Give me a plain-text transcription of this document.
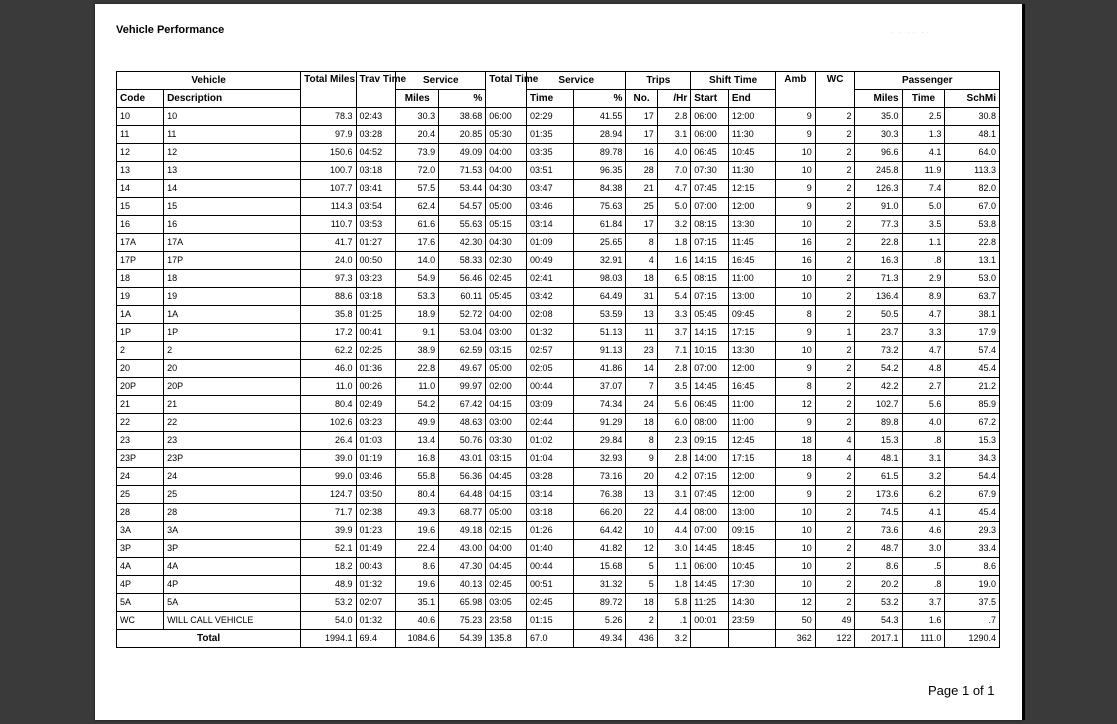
Vehicle Performance	· · ·· ··
Vehicle		Total Miles	Trav Time	Service		Total Time	Service		Trips		Shift Time		Amb	WC	Passenger		
Code	Description			Miles	%		Time	%	No.	/Hr	Start	End			Miles	Time	SchMi
10	10	78.3	02:43	30.3	38.68	06:00	02:29	41.55	17	2.8	06:00	12:00	9	2	35.0	2.5	30.8
11	11	97.9	03:28	20.4	20.85	05:30	01:35	28.94	17	3.1	06:00	11:30	9	2	30.3	1.3	48.1
12	12	150.6	04:52	73.9	49.09	04:00	03:35	89.78	16	4.0	06:45	10:45	10	2	96.6	4.1	64.0
13	13	100.7	03:18	72.0	71.53	04:00	03:51	96.35	28	7.0	07:30	11:30	10	2	245.8	11.9	113.3
14	14	107.7	03:41	57.5	53.44	04:30	03:47	84.38	21	4.7	07:45	12:15	9	2	126.3	7.4	82.0
15	15	114.3	03:54	62.4	54.57	05:00	03:46	75.63	25	5.0	07:00	12:00	9	2	91.0	5.0	67.0
16	16	110.7	03:53	61.6	55.63	05:15	03:14	61.84	17	3.2	08:15	13:30	10	2	77.3	3.5	53.8
17A	17A	41.7	01:27	17.6	42.30	04:30	01:09	25.65	8	1.8	07:15	11:45	16	2	22.8	1.1	22.8
17P	17P	24.0	00:50	14.0	58.33	02:30	00:49	32.91	4	1.6	14:15	16:45	16	2	16.3	.8	13.1
18	18	97.3	03:23	54.9	56.46	02:45	02:41	98.03	18	6.5	08:15	11:00	10	2	71.3	2.9	53.0
19	19	88.6	03:18	53.3	60.11	05:45	03:42	64.49	31	5.4	07:15	13:00	10	2	136.4	8.9	63.7
1A	1A	35.8	01:25	18.9	52.72	04:00	02:08	53.59	13	3.3	05:45	09:45	8	2	50.5	4.7	38.1
1P	1P	17.2	00:41	9.1	53.04	03:00	01:32	51.13	11	3.7	14:15	17:15	9	1	23.7	3.3	17.9
2	2	62.2	02:25	38.9	62.59	03:15	02:57	91.13	23	7.1	10:15	13:30	10	2	73.2	4.7	57.4
20	20	46.0	01:36	22.8	49.67	05:00	02:05	41.86	14	2.8	07:00	12:00	9	2	54.2	4.8	45.4
20P	20P	11.0	00:26	11.0	99.97	02:00	00:44	37.07	7	3.5	14:45	16:45	8	2	42.2	2.7	21.2
21	21	80.4	02:49	54.2	67.42	04:15	03:09	74.34	24	5.6	06:45	11:00	12	2	102.7	5.6	85.9
22	22	102.6	03:23	49.9	48.63	03:00	02:44	91.29	18	6.0	08:00	11:00	9	2	89.8	4.0	67.2
23	23	26.4	01:03	13.4	50.76	03:30	01:02	29.84	8	2.3	09:15	12:45	18	4	15.3	.8	15.3
23P	23P	39.0	01:19	16.8	43.01	03:15	01:04	32.93	9	2.8	14:00	17:15	18	4	48.1	3.1	34.3
24	24	99.0	03:46	55.8	56.36	04:45	03:28	73.16	20	4.2	07:15	12:00	9	2	61.5	3.2	54.4
25	25	124.7	03:50	80.4	64.48	04:15	03:14	76.38	13	3.1	07:45	12:00	9	2	173.6	6.2	67.9
28	28	71.7	02:38	49.3	68.77	05:00	03:18	66.20	22	4.4	08:00	13:00	10	2	74.5	4.1	45.4
3A	3A	39.9	01:23	19.6	49.18	02:15	01:26	64.42	10	4.4	07:00	09:15	10	2	73.6	4.6	29.3
3P	3P	52.1	01:49	22.4	43.00	04:00	01:40	41.82	12	3.0	14:45	18:45	10	2	48.7	3.0	33.4
4A	4A	18.2	00:43	8.6	47.30	04:45	00:44	15.68	5	1.1	06:00	10:45	10	2	8.6	.5	8.6
4P	4P	48.9	01:32	19.6	40.13	02:45	00:51	31.32	5	1.8	14:45	17:30	10	2	20.2	.8	19.0
5A	5A	53.2	02:07	35.1	65.98	03:05	02:45	89.72	18	5.8	11:25	14:30	12	2	53.2	3.7	37.5
WC	WILL CALL VEHICLE	54.0	01:32	40.6	75.23	23:58	01:15	5.26	2	.1	00:01	23:59	50	49	54.3	1.6	.7
Total		1994.1	69.4	1084.6	54.39	135.8	67.0	49.34	436	3.2			362	122	2017.1	111.0	1290.4
Page 1 of 1
